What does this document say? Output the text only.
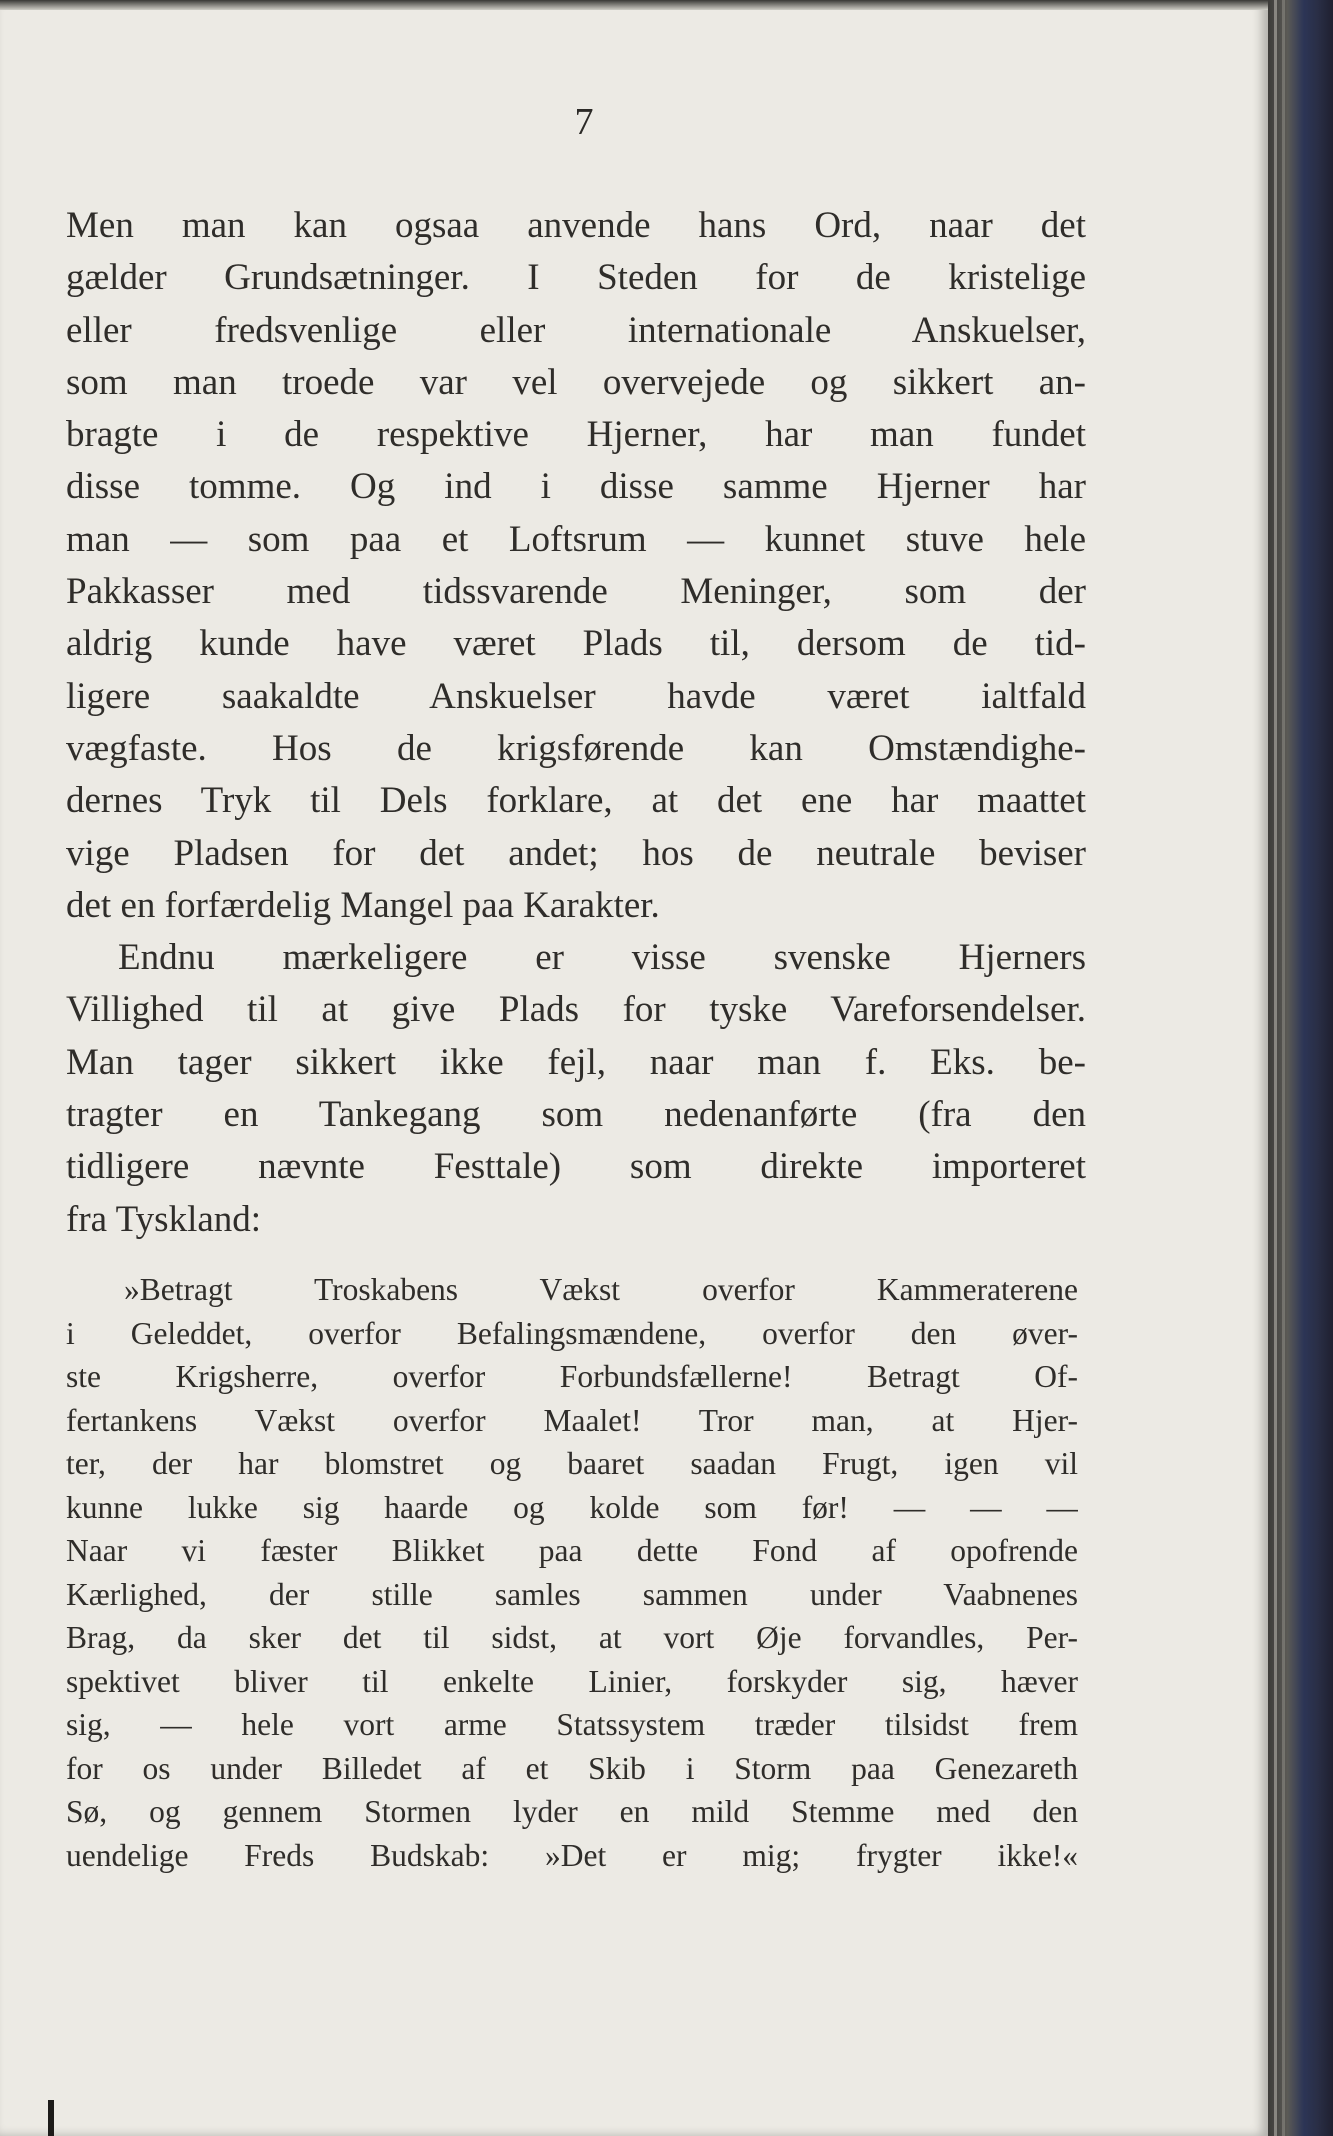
7
Men man kan ogsaa anvende hans Ord, naar det
gælder Grundsætninger. I Steden for de kristelige
eller fredsvenlige eller internationale Anskuelser,
som man troede var vel overvejede og sikkert an-
bragte i de respektive Hjerner, har man fundet
disse tomme. Og ind i disse samme Hjerner har
man — som paa et Loftsrum — kunnet stuve hele
Pakkasser med tidssvarende Meninger, som der
aldrig kunde have været Plads til, dersom de tid-
ligere saakaldte Anskuelser havde været ialtfald
vægfaste. Hos de krigsførende kan Omstændighe-
dernes Tryk til Dels forklare, at det ene har maattet
vige Pladsen for det andet; hos de neutrale beviser
det en forfærdelig Mangel paa Karakter.
Endnu mærkeligere er visse svenske Hjerners
Villighed til at give Plads for tyske Vareforsendelser.
Man tager sikkert ikke fejl, naar man f. Eks. be-
tragter en Tankegang som nedenanførte (fra den
tidligere nævnte Festtale) som direkte importeret
fra Tyskland:
»Betragt Troskabens Vækst overfor Kammeraterene
i Geleddet, overfor Befalingsmændene, overfor den øver-
ste Krigsherre, overfor Forbundsfællerne! Betragt Of-
fertankens Vækst overfor Maalet! Tror man, at Hjer-
ter, der har blomstret og baaret saadan Frugt, igen vil
kunne lukke sig haarde og kolde som før! — — —
Naar vi fæster Blikket paa dette Fond af opofrende
Kærlighed, der stille samles sammen under Vaabnenes
Brag, da sker det til sidst, at vort Øje forvandles, Per-
spektivet bliver til enkelte Linier, forskyder sig, hæver
sig, — hele vort arme Statssystem træder tilsidst frem
for os under Billedet af et Skib i Storm paa Genezareth
Sø, og gennem Stormen lyder en mild Stemme med den
uendelige Freds Budskab: »Det er mig; frygter ikke!«
